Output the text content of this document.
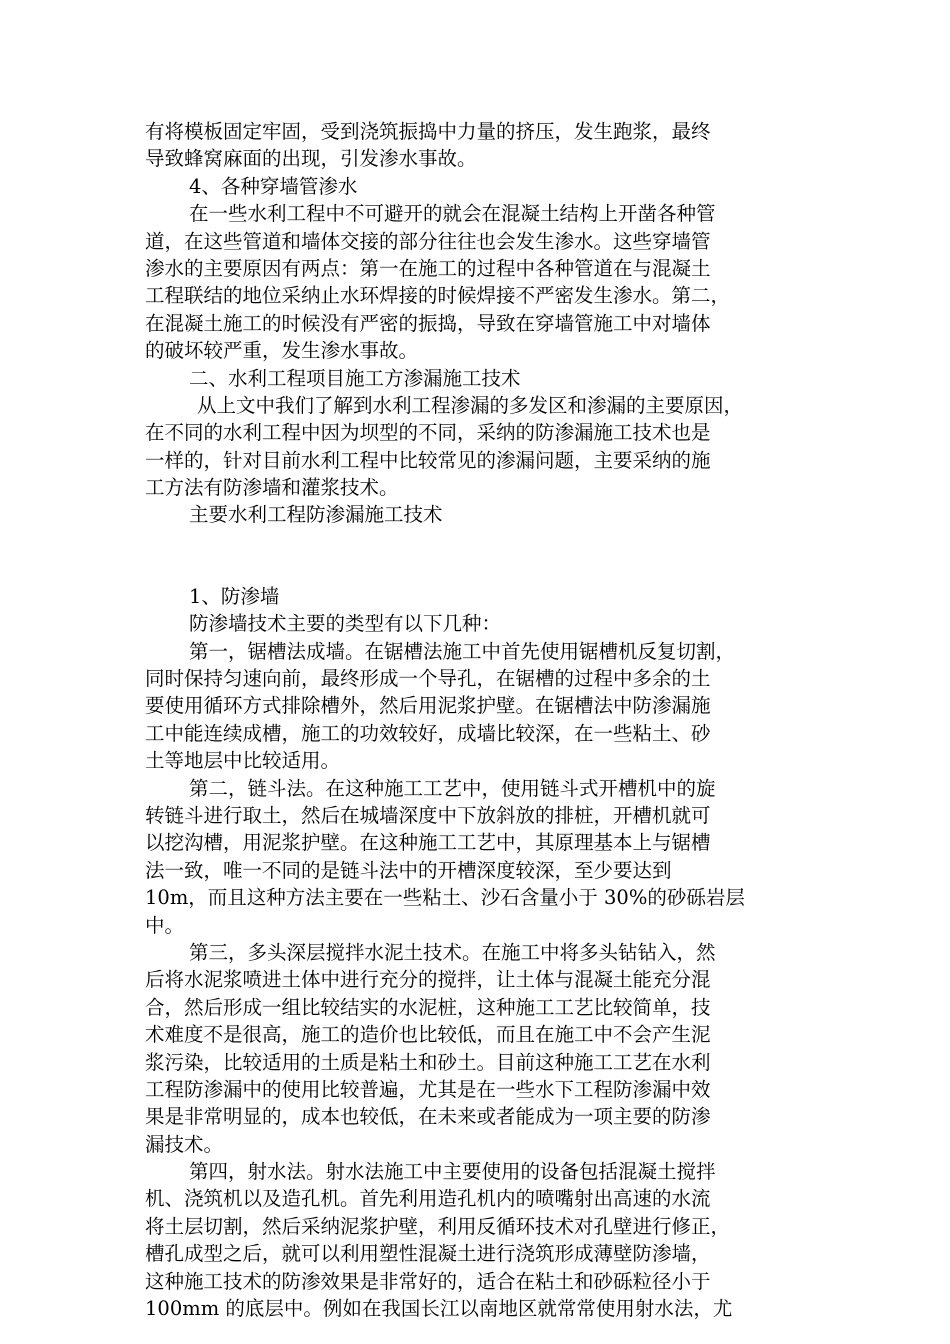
有将模板固定牢固，受到浇筑振捣中力量的挤压，发生跑浆，最终
导致蜂窝麻面的出现，引发渗水事故。
4、各种穿墙管渗水
在一些水利工程中不可避开的就会在混凝土结构上开凿各种管
道，在这些管道和墙体交接的部分往往也会发生渗水。这些穿墙管
渗水的主要原因有两点：第一在施工的过程中各种管道在与混凝土
工程联结的地位采纳止水环焊接的时候焊接不严密发生渗水。第二，
在混凝土施工的时候没有严密的振捣，导致在穿墙管施工中对墙体
的破坏较严重，发生渗水事故。
二、水利工程项目施工方渗漏施工技术
从上文中我们了解到水利工程渗漏的多发区和渗漏的主要原因，
在不同的水利工程中因为坝型的不同，采纳的防渗漏施工技术也是
一样的，针对目前水利工程中比较常见的渗漏问题，主要采纳的施
工方法有防渗墙和灌浆技术。
主要水利工程防渗漏施工技术
1、防渗墙
防渗墙技术主要的类型有以下几种：
第一，锯槽法成墙。在锯槽法施工中首先使用锯槽机反复切割，
同时保持匀速向前，最终形成一个导孔，在锯槽的过程中多余的土
要使用循环方式排除槽外，然后用泥浆护壁。在锯槽法中防渗漏施
工中能连续成槽，施工的功效较好，成墙比较深，在一些粘土、砂
土等地层中比较适用。
第二，链斗法。在这种施工工艺中，使用链斗式开槽机中的旋
转链斗进行取土，然后在城墙深度中下放斜放的排桩，开槽机就可
以挖沟槽，用泥浆护壁。在这种施工工艺中，其原理基本上与锯槽
法一致，唯一不同的是链斗法中的开槽深度较深，至少要达到
10m，而且这种方法主要在一些粘土、沙石含量小于 30%的砂砾岩层
中。
第三，多头深层搅拌水泥土技术。在施工中将多头钻钻入，然
后将水泥浆喷进土体中进行充分的搅拌，让土体与混凝土能充分混
合，然后形成一组比较结实的水泥桩，这种施工工艺比较简单，技
术难度不是很高，施工的造价也比较低，而且在施工中不会产生泥
浆污染，比较适用的土质是粘土和砂土。目前这种施工工艺在水利
工程防渗漏中的使用比较普遍，尤其是在一些水下工程防渗漏中效
果是非常明显的，成本也较低，在未来或者能成为一项主要的防渗
漏技术。
第四，射水法。射水法施工中主要使用的设备包括混凝土搅拌
机、浇筑机以及造孔机。首先利用造孔机内的喷嘴射出高速的水流
将土层切割，然后采纳泥浆护壁，利用反循环技术对孔壁进行修正，
槽孔成型之后，就可以利用塑性混凝土进行浇筑形成薄壁防渗墙，
这种施工技术的防渗效果是非常好的，适合在粘土和砂砾粒径小于
100mm 的底层中。例如在我国长江以南地区就常常使用射水法，尤
